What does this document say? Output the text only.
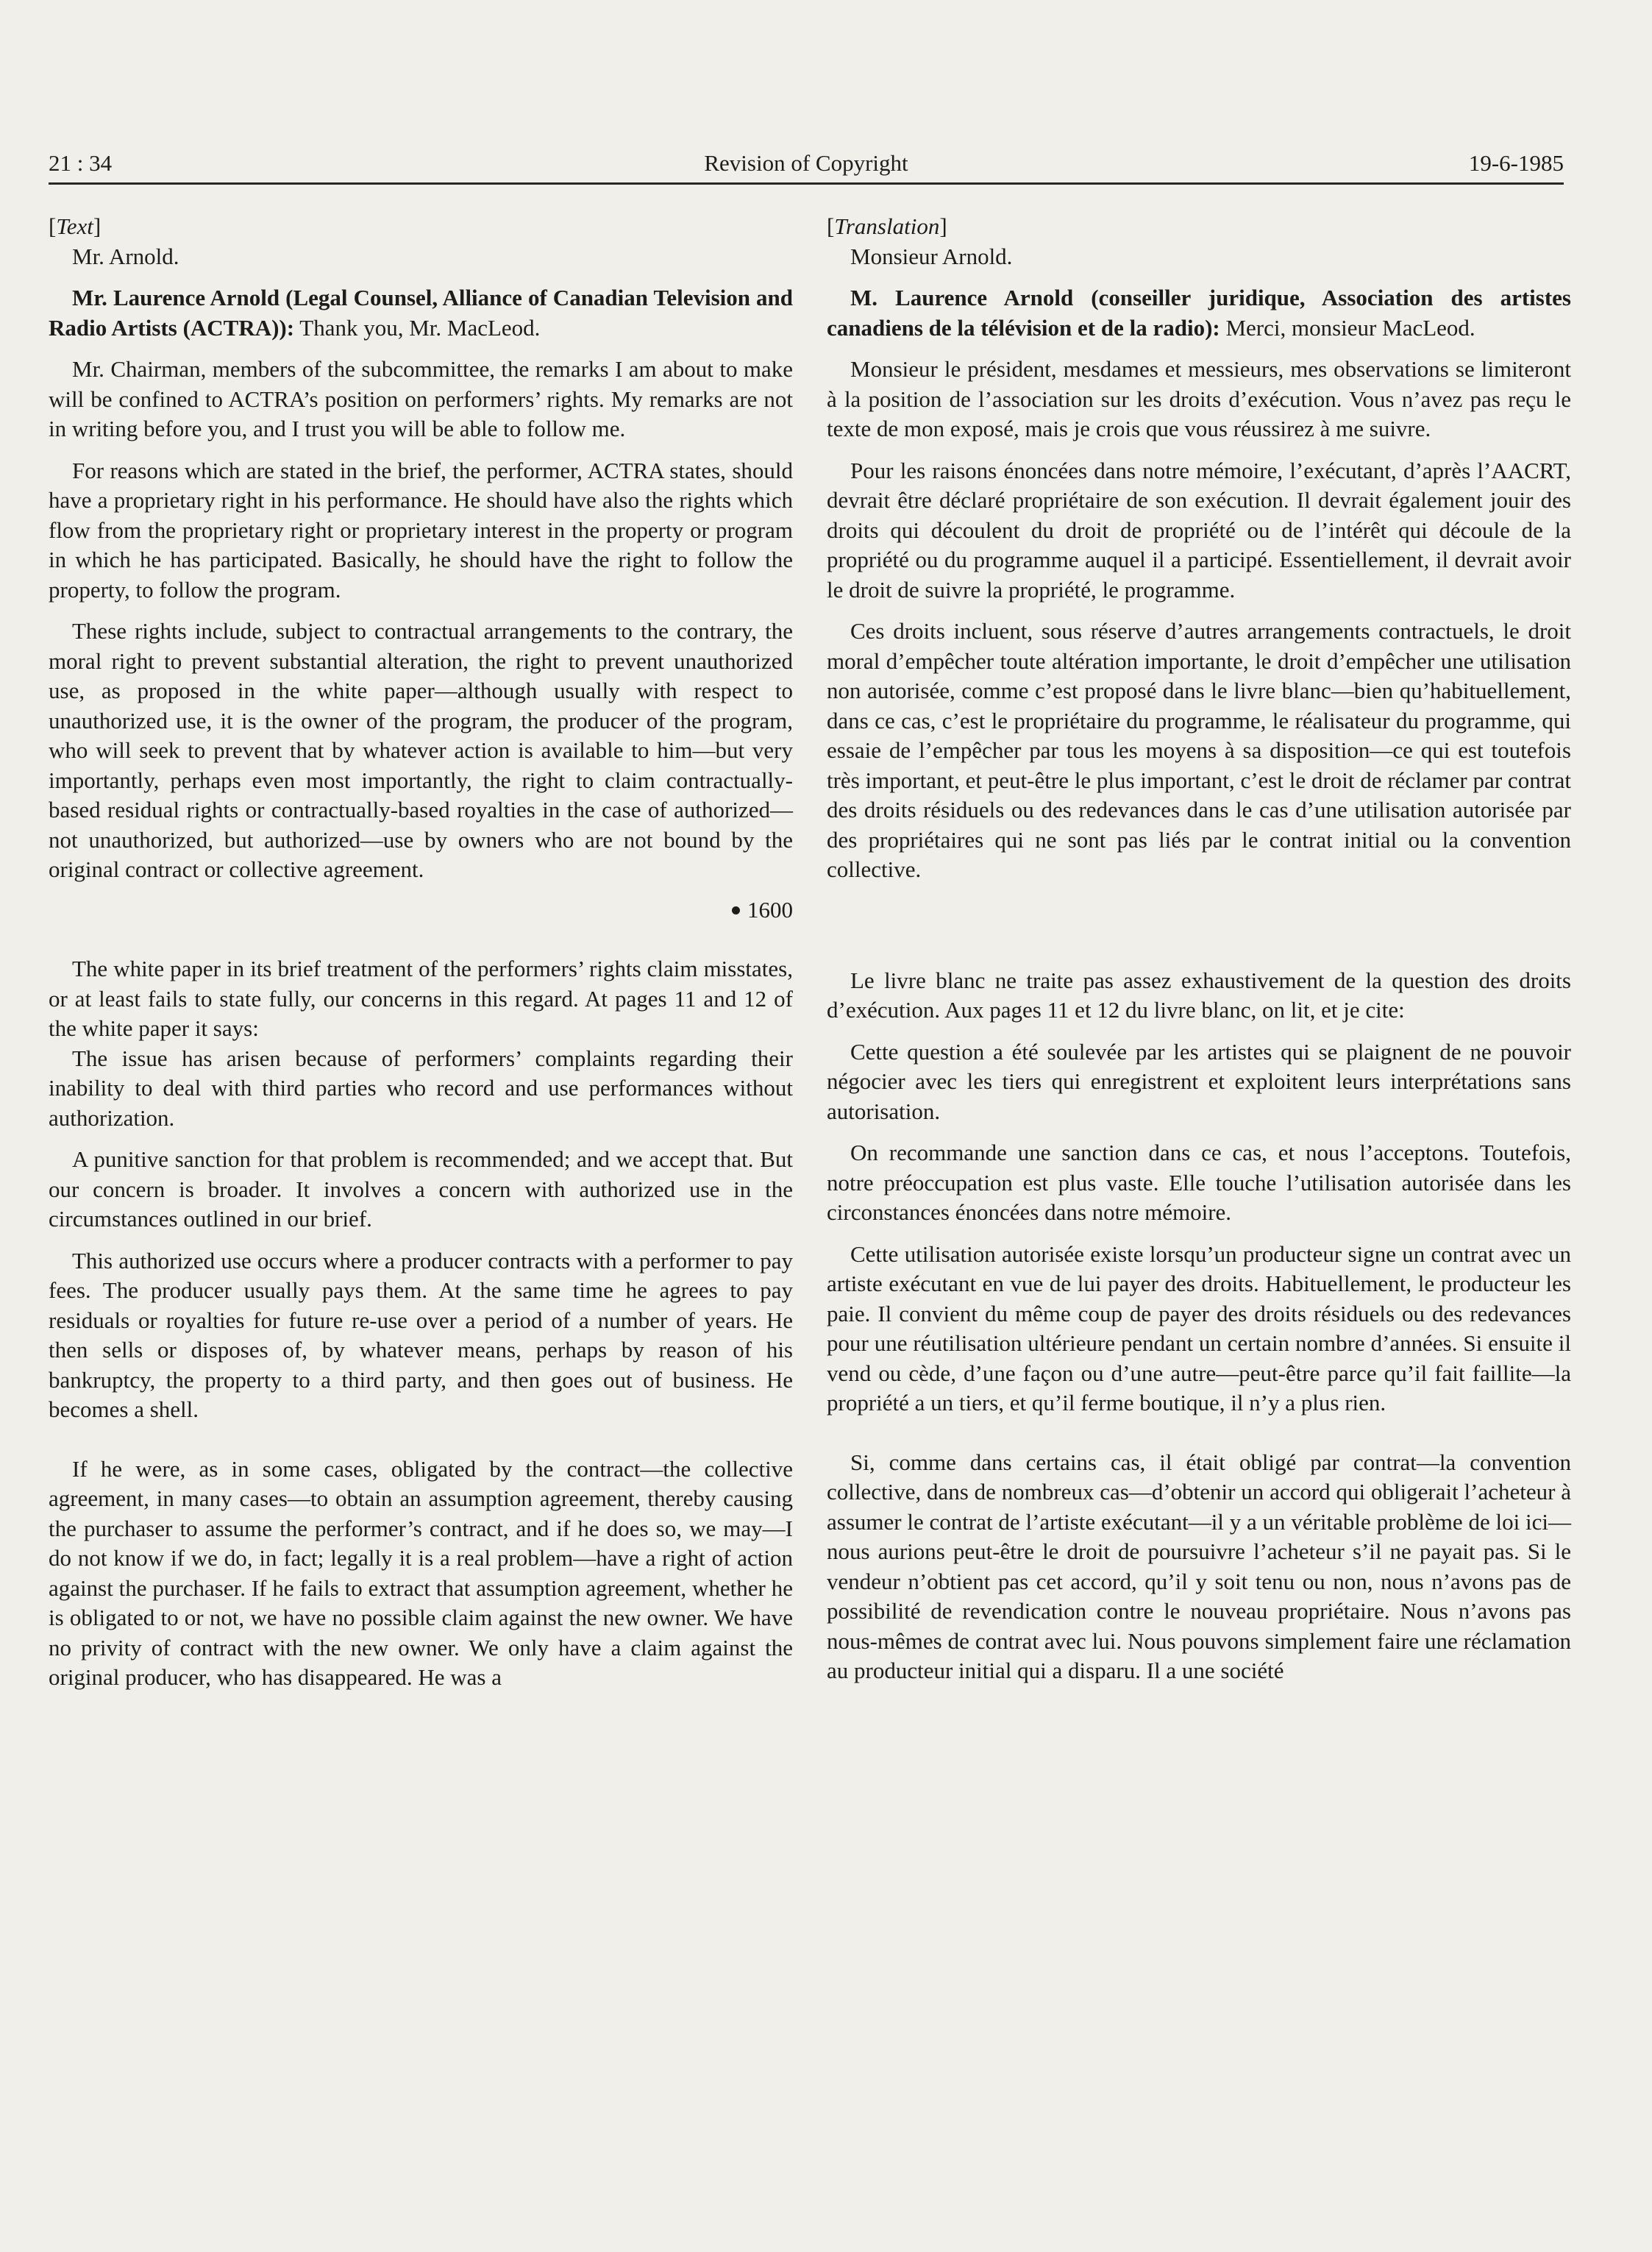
21 : 34	Revision of Copyright	19-6-1985

[Text]

Mr. Arnold.

Mr. Laurence Arnold (Legal Counsel, Alliance of Canadian Television and Radio Artists (ACTRA)): Thank you, Mr. MacLeod.

Mr. Chairman, members of the subcommittee, the remarks I am about to make will be confined to ACTRA’s position on performers’ rights. My remarks are not in writing before you, and I trust you will be able to follow me.

For reasons which are stated in the brief, the performer, ACTRA states, should have a proprietary right in his performance. He should have also the rights which flow from the proprietary right or proprietary interest in the property or program in which he has participated. Basically, he should have the right to follow the property, to follow the program.

These rights include, subject to contractual arrangements to the contrary, the moral right to prevent substantial alteration, the right to prevent unauthorized use, as proposed in the white paper—although usually with respect to unauthorized use, it is the owner of the program, the producer of the program, who will seek to prevent that by whatever action is available to him—but very importantly, perhaps even most importantly, the right to claim contractually-based residual rights or contractually-based royalties in the case of authorized—not unauthorized, but authorized—use by owners who are not bound by the original contract or collective agreement.

1600

The white paper in its brief treatment of the performers’ rights claim misstates, or at least fails to state fully, our concerns in this regard. At pages 11 and 12 of the white paper it says:

The issue has arisen because of performers’ complaints regarding their inability to deal with third parties who record and use performances without authorization.

A punitive sanction for that problem is recommended; and we accept that. But our concern is broader. It involves a concern with authorized use in the circumstances outlined in our brief.

This authorized use occurs where a producer contracts with a performer to pay fees. The producer usually pays them. At the same time he agrees to pay residuals or royalties for future re-use over a period of a number of years. He then sells or disposes of, by whatever means, perhaps by reason of his bankruptcy, the property to a third party, and then goes out of business. He becomes a shell.

If he were, as in some cases, obligated by the contract—the collective agreement, in many cases—to obtain an assumption agreement, thereby causing the purchaser to assume the performer’s contract, and if he does so, we may—I do not know if we do, in fact; legally it is a real problem—have a right of action against the purchaser. If he fails to extract that assumption agreement, whether he is obligated to or not, we have no possible claim against the new owner. We have no privity of contract with the new owner. We only have a claim against the original producer, who has disappeared. He was a

[Translation]

Monsieur Arnold.

M. Laurence Arnold (conseiller juridique, Association des artistes canadiens de la télévision et de la radio): Merci, monsieur MacLeod.

Monsieur le président, mesdames et messieurs, mes observations se limiteront à la position de l’association sur les droits d’exécution. Vous n’avez pas reçu le texte de mon exposé, mais je crois que vous réussirez à me suivre.

Pour les raisons énoncées dans notre mémoire, l’exécutant, d’après l’AACRT, devrait être déclaré propriétaire de son exécution. Il devrait également jouir des droits qui découlent du droit de propriété ou de l’intérêt qui découle de la propriété ou du programme auquel il a participé. Essentiellement, il devrait avoir le droit de suivre la propriété, le programme.

Ces droits incluent, sous réserve d’autres arrangements contractuels, le droit moral d’empêcher toute altération importante, le droit d’empêcher une utilisation non autorisée, comme c’est proposé dans le livre blanc—bien qu’habituellement, dans ce cas, c’est le propriétaire du programme, le réalisateur du programme, qui essaie de l’empêcher par tous les moyens à sa disposition—ce qui est toutefois très important, et peut-être le plus important, c’est le droit de réclamer par contrat des droits résiduels ou des redevances dans le cas d’une utilisation autorisée par des propriétaires qui ne sont pas liés par le contrat initial ou la convention collective.

Le livre blanc ne traite pas assez exhaustivement de la question des droits d’exécution. Aux pages 11 et 12 du livre blanc, on lit, et je cite:

Cette question a été soulevée par les artistes qui se plaignent de ne pouvoir négocier avec les tiers qui enregistrent et exploitent leurs interprétations sans autorisation.

On recommande une sanction dans ce cas, et nous l’acceptons. Toutefois, notre préoccupation est plus vaste. Elle touche l’utilisation autorisée dans les circonstances énoncées dans notre mémoire.

Cette utilisation autorisée existe lorsqu’un producteur signe un contrat avec un artiste exécutant en vue de lui payer des droits. Habituellement, le producteur les paie. Il convient du même coup de payer des droits résiduels ou des redevances pour une réutilisation ultérieure pendant un certain nombre d’années. Si ensuite il vend ou cède, d’une façon ou d’une autre—peut-être parce qu’il fait faillite—la propriété a un tiers, et qu’il ferme boutique, il n’y a plus rien.

Si, comme dans certains cas, il était obligé par contrat—la convention collective, dans de nombreux cas—d’obtenir un accord qui obligerait l’acheteur à assumer le contrat de l’artiste exécutant—il y a un véritable problème de loi ici—nous aurions peut-être le droit de poursuivre l’acheteur s’il ne payait pas. Si le vendeur n’obtient pas cet accord, qu’il y soit tenu ou non, nous n’avons pas de possibilité de revendication contre le nouveau propriétaire. Nous n’avons pas nous-mêmes de contrat avec lui. Nous pouvons simplement faire une réclamation au producteur initial qui a disparu. Il a une société
